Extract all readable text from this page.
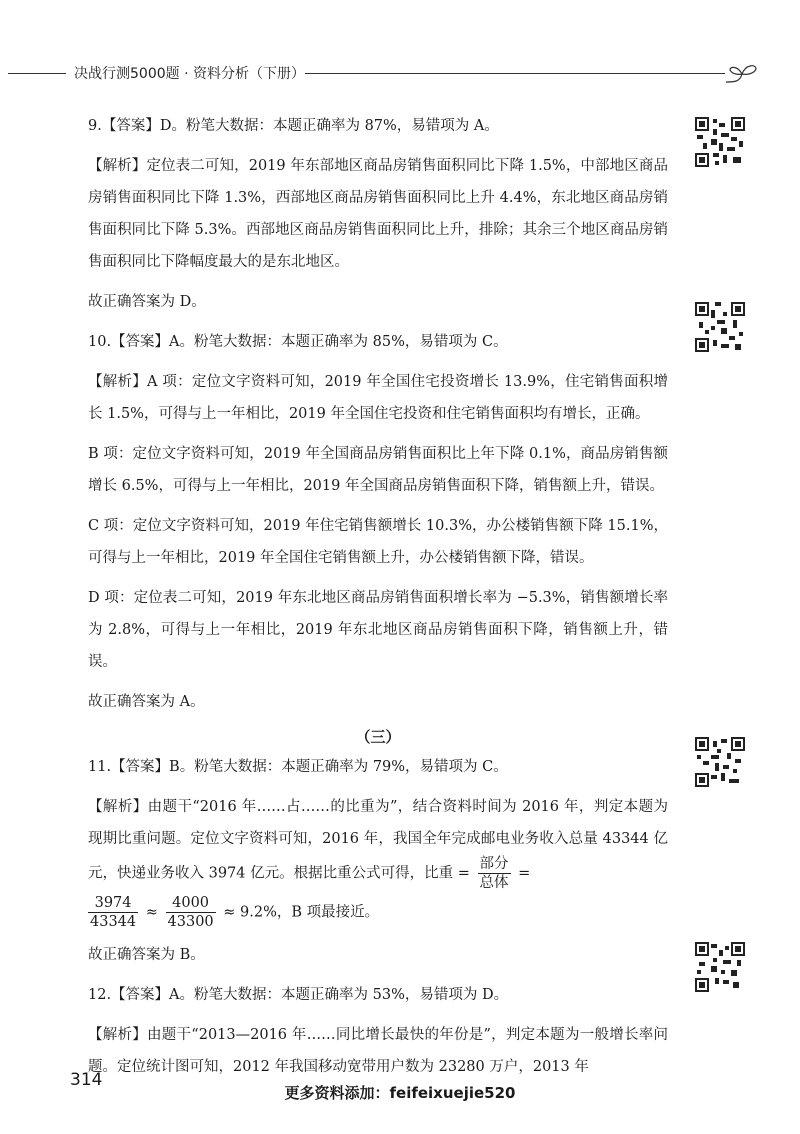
决战行测5000题 · 资料分析（下册）

9.【答案】D。粉笔大数据：本题正确率为 87%，易错项为 A。

【解析】定位表二可知，2019 年东部地区商品房销售面积同比下降 1.5%，中部地区商品房销售面积同比下降 1.3%，西部地区商品房销售面积同比上升 4.4%，东北地区商品房销售面积同比下降 5.3%。西部地区商品房销售面积同比上升，排除；其余三个地区商品房销售面积同比下降幅度最大的是东北地区。

故正确答案为 D。

10.【答案】A。粉笔大数据：本题正确率为 85%，易错项为 C。

【解析】A 项：定位文字资料可知，2019 年全国住宅投资增长 13.9%，住宅销售面积增长 1.5%，可得与上一年相比，2019 年全国住宅投资和住宅销售面积均有增长，正确。

B 项：定位文字资料可知，2019 年全国商品房销售面积比上年下降 0.1%，商品房销售额增长 6.5%，可得与上一年相比，2019 年全国商品房销售面积下降，销售额上升，错误。

C 项：定位文字资料可知，2019 年住宅销售额增长 10.3%，办公楼销售额下降 15.1%，可得与上一年相比，2019 年全国住宅销售额上升，办公楼销售额下降，错误。

D 项：定位表二可知，2019 年东北地区商品房销售面积增长率为 −5.3%，销售额增长率为 2.8%，可得与上一年相比，2019 年东北地区商品房销售面积下降，销售额上升，错误。

故正确答案为 A。

（三）

11.【答案】B。粉笔大数据：本题正确率为 79%，易错项为 C。

【解析】由题干“2016 年……占……的比重为”，结合资料时间为 2016 年，判定本题为现期比重问题。定位文字资料可知，2016 年，我国全年完成邮电业务收入总量 43344 亿元，快递业务收入 3974 亿元。根据比重公式可得，比重 = $\frac{\text{部分}}{\text{总体}}$ =

$\frac{3974}{43344} \approx \frac{4000}{43300} \approx 9.2\%$，B 项最接近。

故正确答案为 B。

12.【答案】A。粉笔大数据：本题正确率为 53%，易错项为 D。

【解析】由题干“2013—2016 年……同比增长最快的年份是”，判定本题为一般增长率问题。定位统计图可知，2012 年我国移动宽带用户数为 23280 万户，2013 年

314
更多资料添加：feifeixuejie520
